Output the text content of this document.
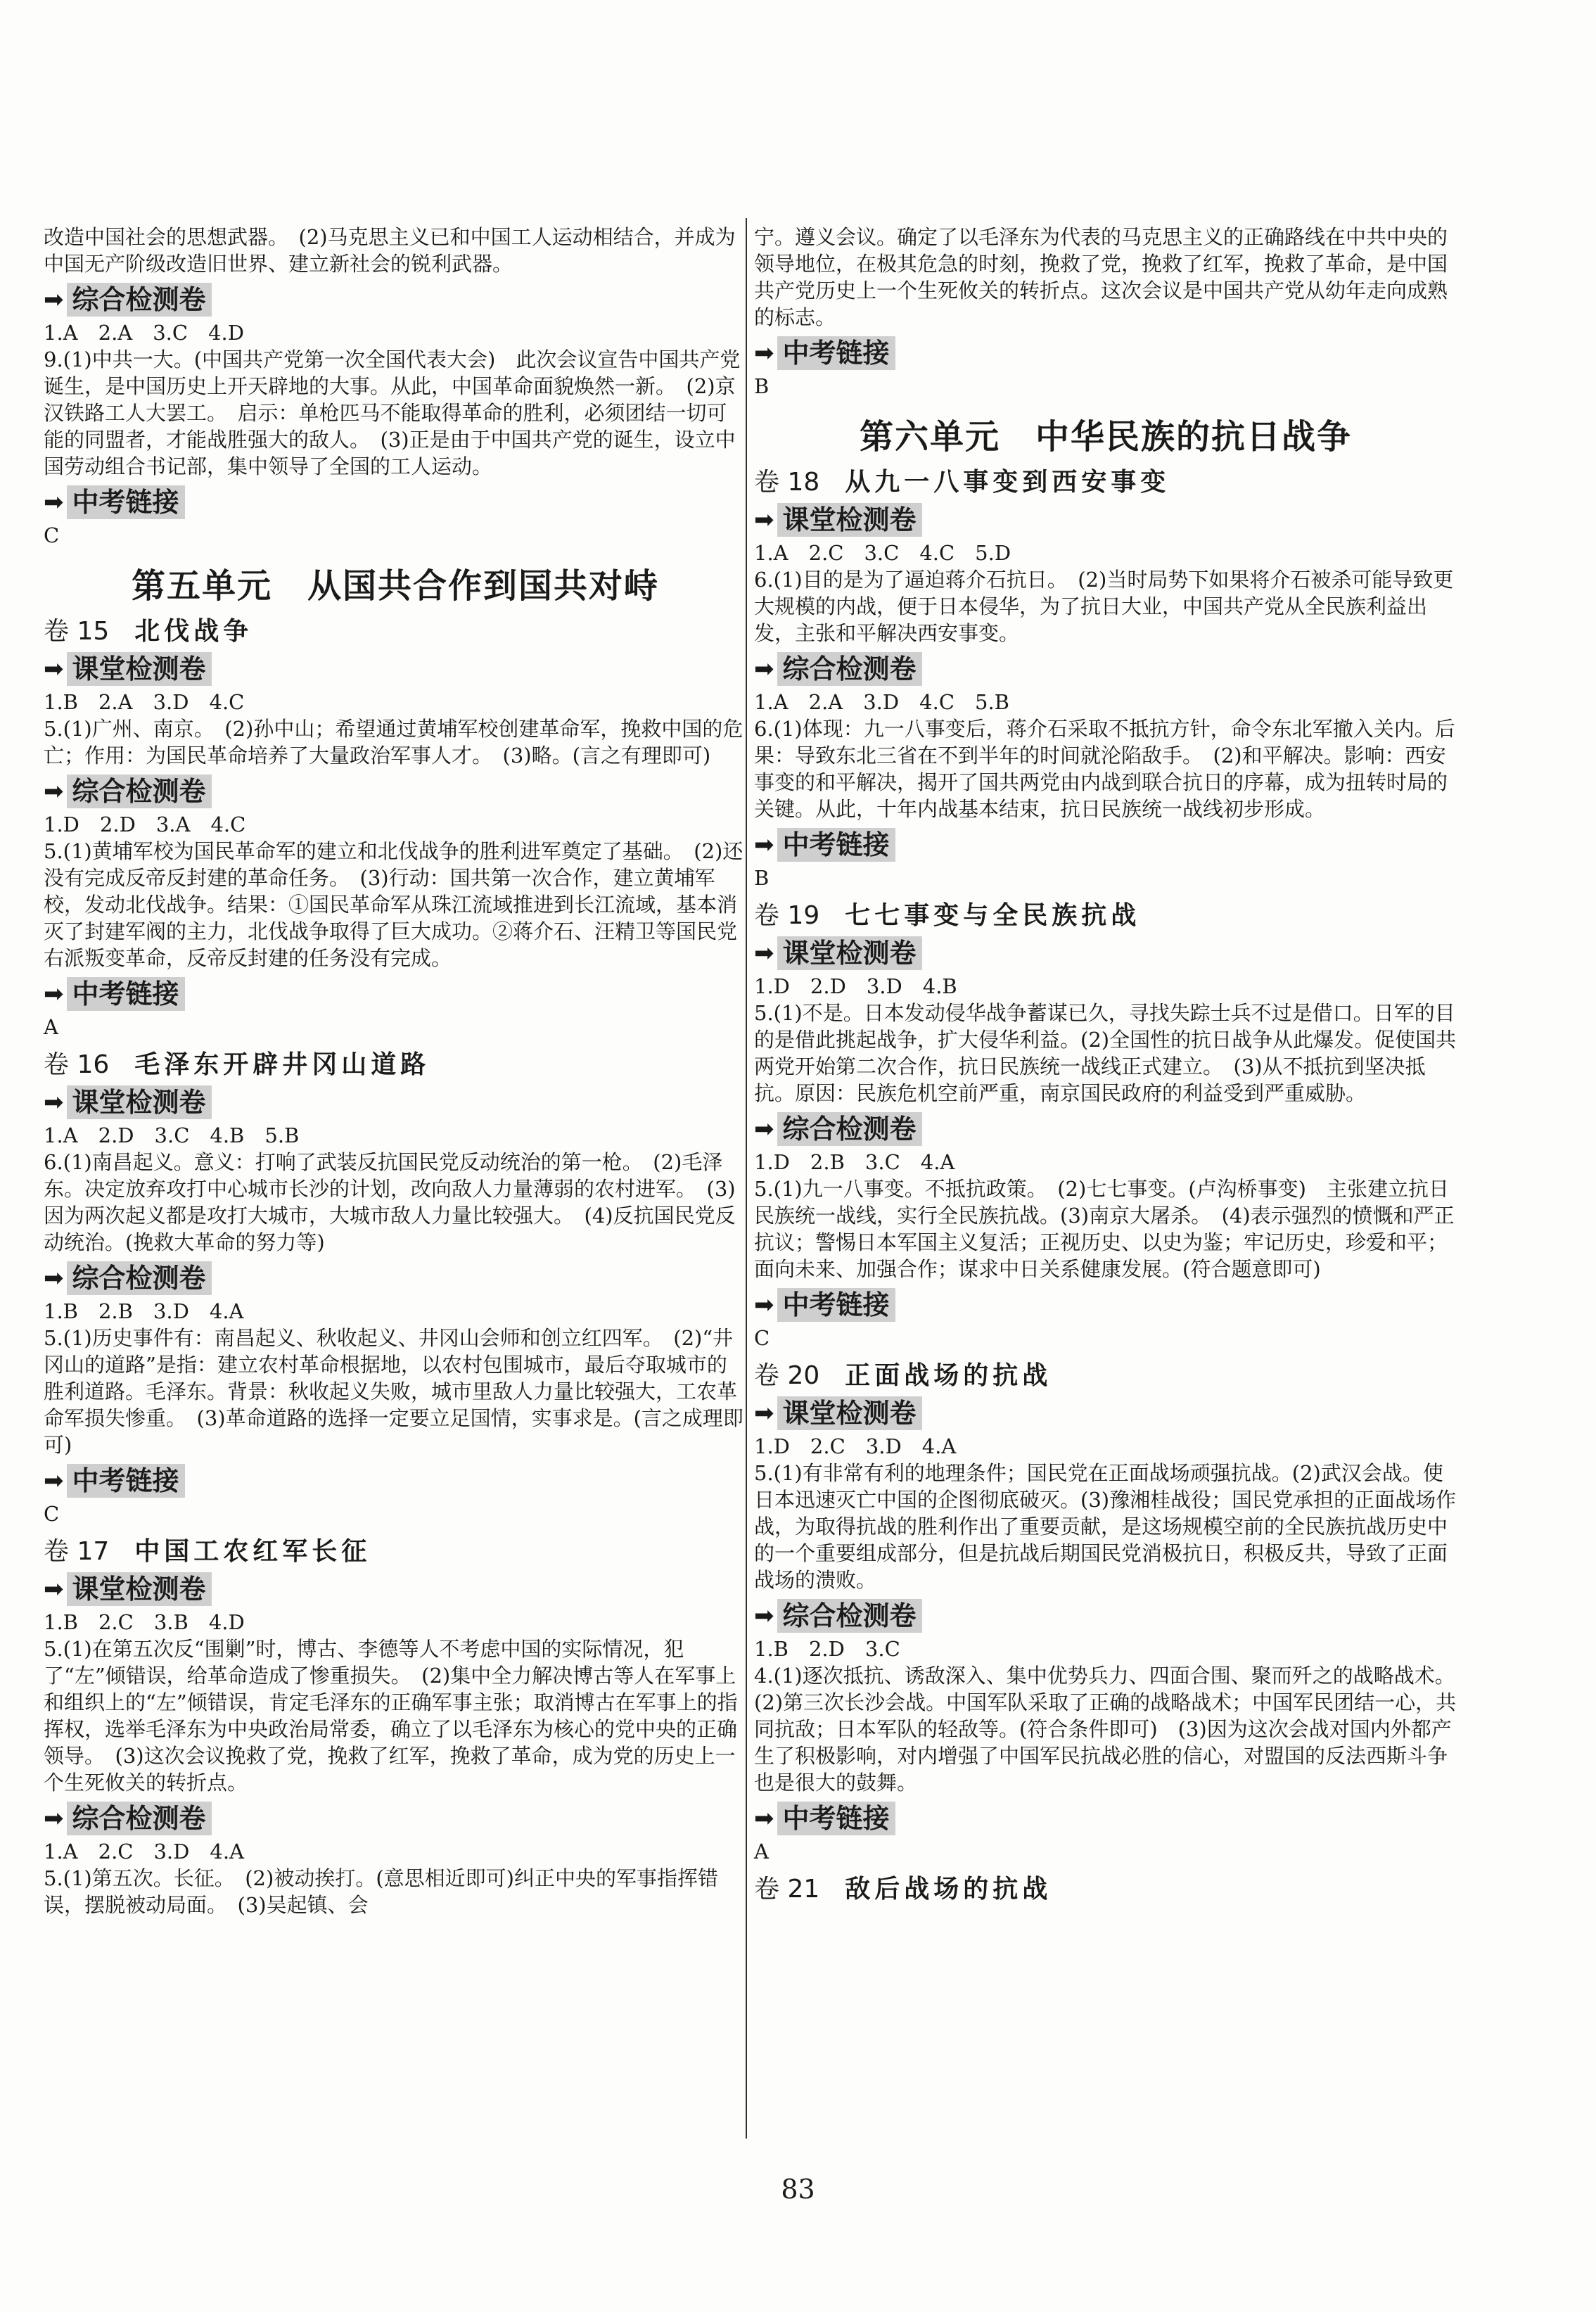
改造中国社会的思想武器。　(2)马克思主义已和中国工人运动相结合，并成为中国无产阶级改造旧世界、建立新社会的锐利武器。

➡ 综合检测卷

1.A　2.A　3.C　4.D

9.(1)中共一大。(中国共产党第一次全国代表大会)　此次会议宣告中国共产党诞生，是中国历史上开天辟地的大事。从此，中国革命面貌焕然一新。　(2)京汉铁路工人大罢工。　启示：单枪匹马不能取得革命的胜利，必须团结一切可能的同盟者，才能战胜强大的敌人。　(3)正是由于中国共产党的诞生，设立中国劳动组合书记部，集中领导了全国的工人运动。

➡ 中考链接

C

第五单元　从国共合作到国共对峙
卷 15 北伐战争
➡ 课堂检测卷

1.B　2.A　3.D　4.C

5.(1)广州、南京。　(2)孙中山；希望通过黄埔军校创建革命军，挽救中国的危亡；作用：为国民革命培养了大量政治军事人才。　(3)略。(言之有理即可)

➡ 综合检测卷

1.D　2.D　3.A　4.C

5.(1)黄埔军校为国民革命军的建立和北伐战争的胜利进军奠定了基础。　(2)还没有完成反帝反封建的革命任务。　(3)行动：国共第一次合作，建立黄埔军校，发动北伐战争。结果：①国民革命军从珠江流域推进到长江流域，基本消灭了封建军阀的主力，北伐战争取得了巨大成功。②蒋介石、汪精卫等国民党右派叛变革命，反帝反封建的任务没有完成。

➡ 中考链接

A

卷 16 毛泽东开辟井冈山道路
➡ 课堂检测卷

1.A　2.D　3.C　4.B　5.B

6.(1)南昌起义。意义：打响了武装反抗国民党反动统治的第一枪。　(2)毛泽东。决定放弃攻打中心城市长沙的计划，改向敌人力量薄弱的农村进军。　(3)因为两次起义都是攻打大城市，大城市敌人力量比较强大。　(4)反抗国民党反动统治。(挽救大革命的努力等)

➡ 综合检测卷

1.B　2.B　3.D　4.A

5.(1)历史事件有：南昌起义、秋收起义、井冈山会师和创立红四军。　(2)“井冈山的道路”是指：建立农村革命根据地，以农村包围城市，最后夺取城市的胜利道路。毛泽东。背景：秋收起义失败，城市里敌人力量比较强大，工农革命军损失惨重。　(3)革命道路的选择一定要立足国情，实事求是。(言之成理即可)

➡ 中考链接

C

卷 17 中国工农红军长征
➡ 课堂检测卷

1.B　2.C　3.B　4.D

5.(1)在第五次反“围剿”时，博古、李德等人不考虑中国的实际情况，犯了“左”倾错误，给革命造成了惨重损失。　(2)集中全力解决博古等人在军事上和组织上的“左”倾错误，肯定毛泽东的正确军事主张；取消博古在军事上的指挥权，选举毛泽东为中央政治局常委，确立了以毛泽东为核心的党中央的正确领导。　(3)这次会议挽救了党，挽救了红军，挽救了革命，成为党的历史上一个生死攸关的转折点。

➡ 综合检测卷

1.A　2.C　3.D　4.A

5.(1)第五次。长征。　(2)被动挨打。(意思相近即可)纠正中央的军事指挥错误，摆脱被动局面。　(3)吴起镇、会

宁。遵义会议。确定了以毛泽东为代表的马克思主义的正确路线在中共中央的领导地位，在极其危急的时刻，挽救了党，挽救了红军，挽救了革命，是中国共产党历史上一个生死攸关的转折点。这次会议是中国共产党从幼年走向成熟的标志。

➡ 中考链接

B

第六单元　中华民族的抗日战争
卷 18 从九一八事变到西安事变
➡ 课堂检测卷

1.A　2.C　3.C　4.C　5.D

6.(1)目的是为了逼迫蒋介石抗日。　(2)当时局势下如果将介石被杀可能导致更大规模的内战，便于日本侵华，为了抗日大业，中国共产党从全民族利益出发，主张和平解决西安事变。

➡ 综合检测卷

1.A　2.A　3.D　4.C　5.B

6.(1)体现：九一八事变后，蒋介石采取不抵抗方针，命令东北军撤入关内。后果：导致东北三省在不到半年的时间就沦陷敌手。　(2)和平解决。影响：西安事变的和平解决，揭开了国共两党由内战到联合抗日的序幕，成为扭转时局的关键。从此，十年内战基本结束，抗日民族统一战线初步形成。

➡ 中考链接

B

卷 19 七七事变与全民族抗战
➡ 课堂检测卷

1.D　2.D　3.D　4.B

5.(1)不是。日本发动侵华战争蓄谋已久，寻找失踪士兵不过是借口。日军的目的是借此挑起战争，扩大侵华利益。(2)全国性的抗日战争从此爆发。促使国共两党开始第二次合作，抗日民族统一战线正式建立。　(3)从不抵抗到坚决抵抗。原因：民族危机空前严重，南京国民政府的利益受到严重威胁。

➡ 综合检测卷

1.D　2.B　3.C　4.A

5.(1)九一八事变。不抵抗政策。　(2)七七事变。(卢沟桥事变)　主张建立抗日民族统一战线，实行全民族抗战。(3)南京大屠杀。　(4)表示强烈的愤慨和严正抗议；警惕日本军国主义复活；正视历史、以史为鉴；牢记历史，珍爱和平；面向未来、加强合作；谋求中日关系健康发展。(符合题意即可)

➡ 中考链接

C

卷 20 正面战场的抗战
➡ 课堂检测卷

1.D　2.C　3.D　4.A

5.(1)有非常有利的地理条件；国民党在正面战场顽强抗战。(2)武汉会战。使日本迅速灭亡中国的企图彻底破灭。(3)豫湘桂战役；国民党承担的正面战场作战，为取得抗战的胜利作出了重要贡献，是这场规模空前的全民族抗战历史中的一个重要组成部分，但是抗战后期国民党消极抗日，积极反共，导致了正面战场的溃败。

➡ 综合检测卷

1.B　2.D　3.C

4.(1)逐次抵抗、诱敌深入、集中优势兵力、四面合围、聚而歼之的战略战术。　(2)第三次长沙会战。中国军队采取了正确的战略战术；中国军民团结一心，共同抗敌；日本军队的轻敌等。(符合条件即可)　(3)因为这次会战对国内外都产生了积极影响，对内增强了中国军民抗战必胜的信心，对盟国的反法西斯斗争也是很大的鼓舞。

➡ 中考链接

A

卷 21 敌后战场的抗战
83
